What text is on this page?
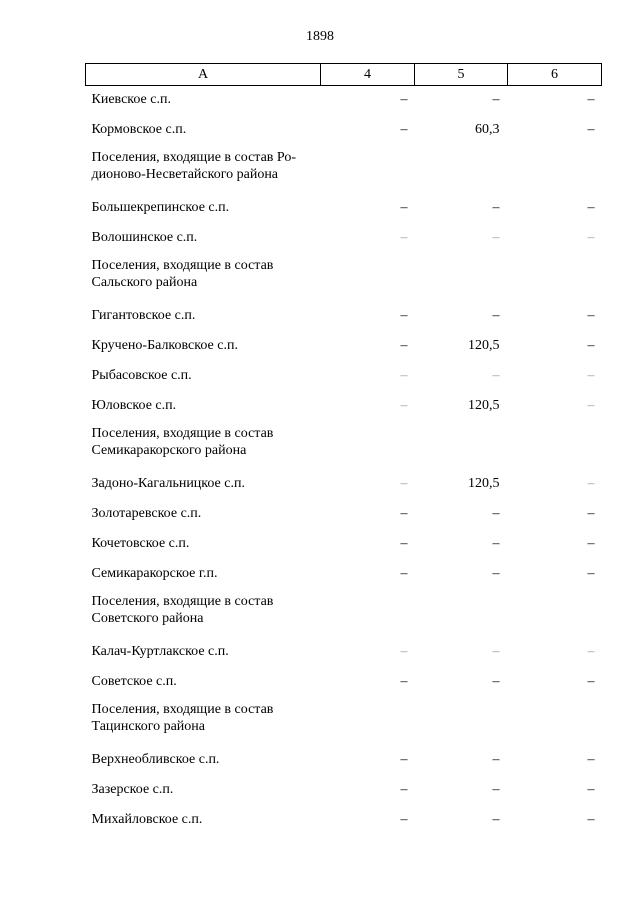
1898
А	4	5	6
Киевское с.п.	–	–	–
Кормовское с.п.	–	60,3	–
Поселения, входящие в состав Ро-
дионово-Несветайского района			
Большекрепинское с.п.	–	–	–
Волошинское с.п.	–	–	–
Поселения, входящие в состав
Сальского района			
Гигантовское с.п.	–	–	–
Кручено-Балковское с.п.	–	120,5	–
Рыбасовское с.п.	–	–	–
Юловское с.п.	–	120,5	–
Поселения, входящие в состав
Семикаракорского района			
Задоно-Кагальницкое с.п.	–	120,5	–
Золотаревское с.п.	–	–	–
Кочетовское с.п.	–	–	–
Семикаракорское г.п.	–	–	–
Поселения, входящие в состав
Советского района			
Калач-Куртлакское с.п.	–	–	–
Советское с.п.	–	–	–
Поселения, входящие в состав
Тацинского района			
Верхнеобливское с.п.	–	–	–
Зазерское с.п.	–	–	–
Михайловское с.п.	–	–	–
